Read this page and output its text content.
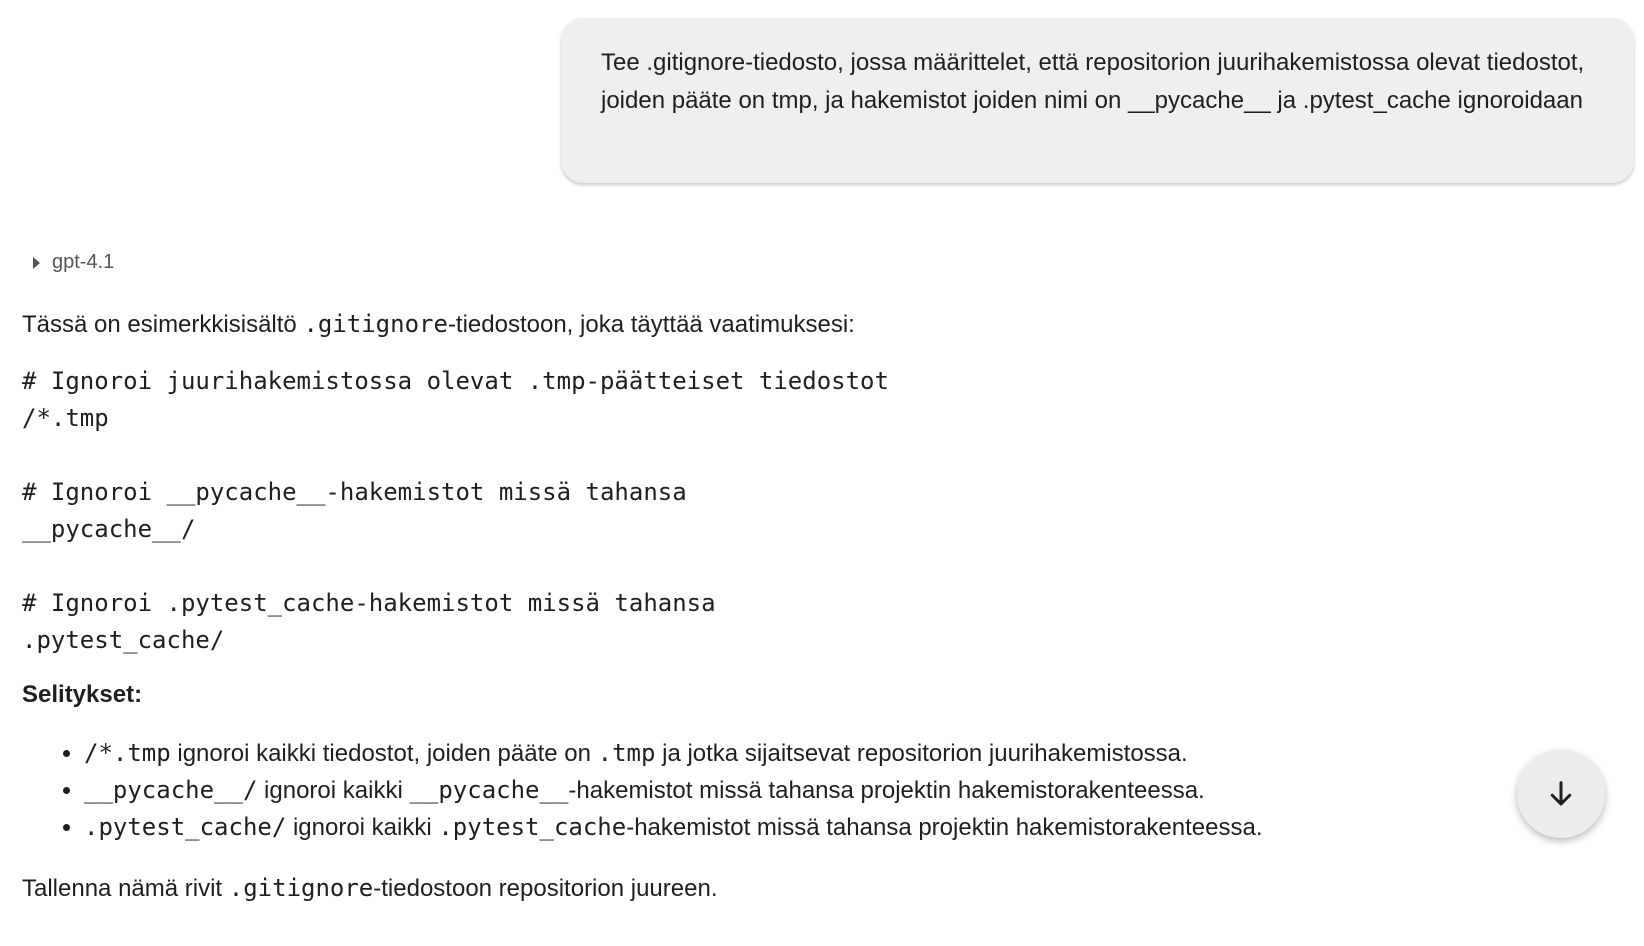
Tee .gitignore-tiedosto, jossa määrittelet, että repositorion juurihakemistossa olevat tiedostot, joiden pääte on tmp, ja hakemistot joiden nimi on __pycache__ ja .pytest_cache ignoroidaan

gpt-4.1

Tässä on esimerkkisisältö .gitignore-tiedostoon, joka täyttää vaatimuksesi:

# Ignoroi juurihakemistossa olevat .tmp-päätteiset tiedostot
/*.tmp
# Ignoroi __pycache__-hakemistot missä tahansa
__pycache__/
# Ignoroi .pytest_cache-hakemistot missä tahansa
.pytest_cache/

Selitykset:

• /*.tmp ignoroi kaikki tiedostot, joiden pääte on .tmp ja jotka sijaitsevat repositorion juurihakemistossa.
• __pycache__/ ignoroi kaikki __pycache__-hakemistot missä tahansa projektin hakemistorakenteessa.
• .pytest_cache/ ignoroi kaikki .pytest_cache-hakemistot missä tahansa projektin hakemistorakenteessa.

Tallenna nämä rivit .gitignore-tiedostoon repositorion juureen.
